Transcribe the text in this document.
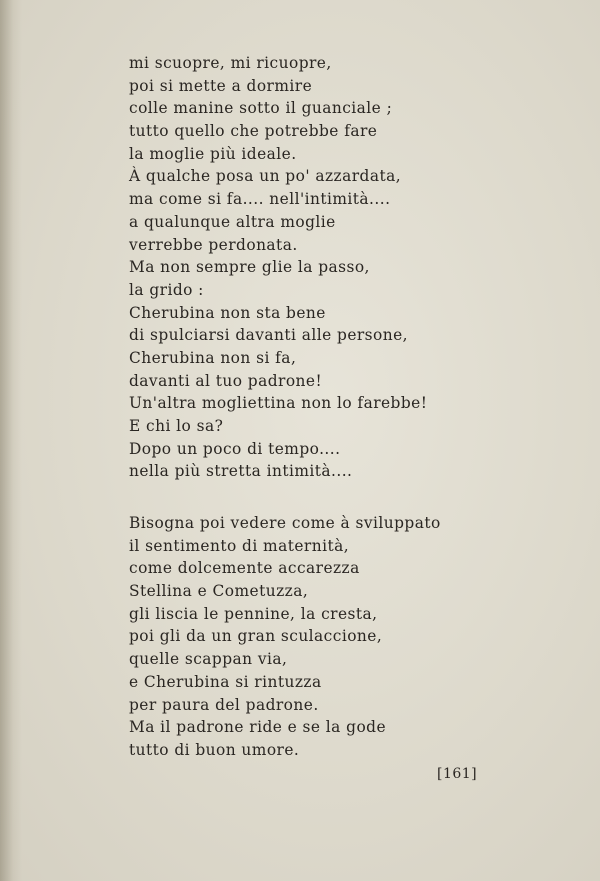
mi scuopre, mi ricuopre,
poi si mette a dormire
colle manine sotto il guanciale ;
tutto quello che potrebbe fare
la moglie più ideale.
À qualche posa un po' azzardata,
ma come si fa.... nell'intimità....
a qualunque altra moglie
verrebbe perdonata.
Ma non sempre glie la passo,
la grido :
Cherubina non sta bene
di spulciarsi davanti alle persone,
Cherubina non si fa,
davanti al tuo padrone!
Un'altra mogliettina non lo farebbe!
E chi lo sa?
Dopo un poco di tempo....
nella più stretta intimità....
Bisogna poi vedere come à sviluppato
il sentimento di maternità,
come dolcemente accarezza
Stellina e Cometuzza,
gli liscia le pennine, la cresta,
poi gli da un gran sculaccione,
quelle scappan via,
e Cherubina si rintuzza
per paura del padrone.
Ma il padrone ride e se la gode
tutto di buon umore.
[161]
